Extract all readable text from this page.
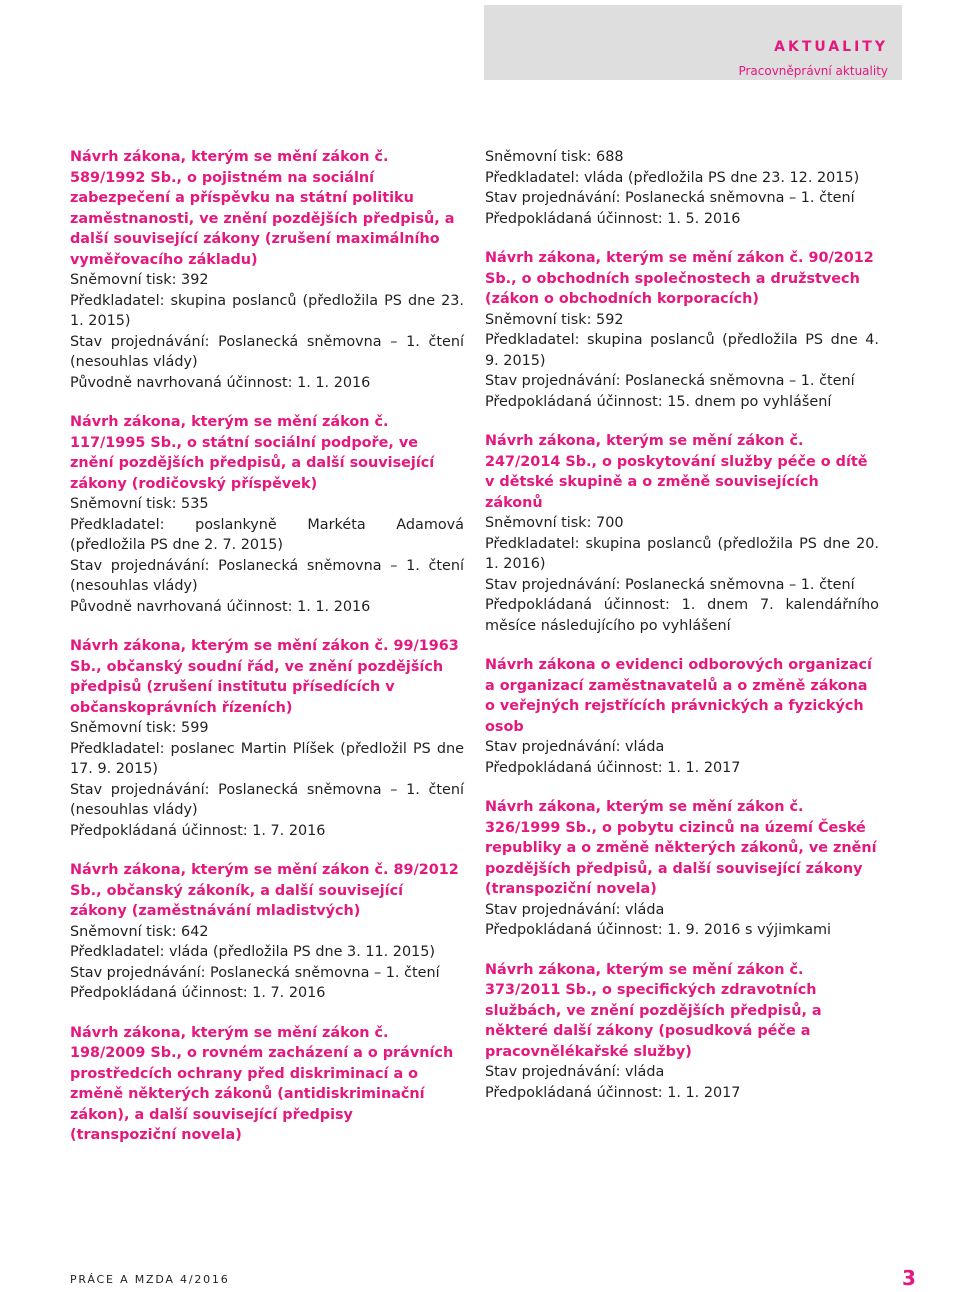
AKTUALITY
Pracovněprávní aktuality
Návrh zákona, kterým se mění zákon č. 589/1992 Sb., o pojistném na sociální zabezpečení a příspěvku na státní politiku zaměstnanosti, ve znění pozdějších předpisů, a další související zákony (zrušení maximálního vyměřovacího základu)
Sněmovní tisk: 392
Předkladatel: skupina poslanců (předložila PS dne 23. 1. 2015)
Stav projednávání: Poslanecká sněmovna – 1. čtení (nesouhlas vlády)
Původně navrhovaná účinnost: 1. 1. 2016
Návrh zákona, kterým se mění zákon č. 117/1995 Sb., o státní sociální podpoře, ve znění pozdějších předpisů, a další související zákony (rodičovský příspěvek)
Sněmovní tisk: 535
Předkladatel: poslankyně Markéta Adamová (předložila PS dne 2. 7. 2015)
Stav projednávání: Poslanecká sněmovna – 1. čtení (nesouhlas vlády)
Původně navrhovaná účinnost: 1. 1. 2016
Návrh zákona, kterým se mění zákon č. 99/1963 Sb., občanský soudní řád, ve znění pozdějších předpisů (zrušení institutu přísedících v občanskoprávních řízeních)
Sněmovní tisk: 599
Předkladatel: poslanec Martin Plíšek (předložil PS dne 17. 9. 2015)
Stav projednávání: Poslanecká sněmovna – 1. čtení (nesouhlas vlády)
Předpokládaná účinnost: 1. 7. 2016
Návrh zákona, kterým se mění zákon č. 89/2012 Sb., občanský zákoník, a další související zákony (zaměstnávání mladistvých)
Sněmovní tisk: 642
Předkladatel: vláda (předložila PS dne 3. 11. 2015)
Stav projednávání: Poslanecká sněmovna – 1. čtení
Předpokládaná účinnost: 1. 7. 2016
Návrh zákona, kterým se mění zákon č. 198/2009 Sb., o rovném zacházení a o právních prostředcích ochrany před diskriminací a o změně některých zákonů (antidiskriminační zákon), a další související předpisy (transpoziční novela)
Sněmovní tisk: 688
Předkladatel: vláda (předložila PS dne 23. 12. 2015)
Stav projednávání: Poslanecká sněmovna – 1. čtení
Předpokládaná účinnost: 1. 5. 2016
Návrh zákona, kterým se mění zákon č. 90/2012 Sb., o obchodních společnostech a družstvech (zákon o obchodních korporacích)
Sněmovní tisk: 592
Předkladatel: skupina poslanců (předložila PS dne 4. 9. 2015)
Stav projednávání: Poslanecká sněmovna – 1. čtení
Předpokládaná účinnost: 15. dnem po vyhlášení
Návrh zákona, kterým se mění zákon č. 247/2014 Sb., o poskytování služby péče o dítě v dětské skupině a o změně souvisejících zákonů
Sněmovní tisk: 700
Předkladatel: skupina poslanců (předložila PS dne 20. 1. 2016)
Stav projednávání: Poslanecká sněmovna – 1. čtení
Předpokládaná účinnost: 1. dnem 7. kalendářního měsíce následujícího po vyhlášení
Návrh zákona o evidenci odborových organizací a organizací zaměstnavatelů a o změně zákona o veřejných rejstřících právnických a fyzických osob
Stav projednávání: vláda
Předpokládaná účinnost: 1. 1. 2017
Návrh zákona, kterým se mění zákon č. 326/1999 Sb., o pobytu cizinců na území České republiky a o změně některých zákonů, ve znění pozdějších předpisů, a další související zákony (transpoziční novela)
Stav projednávání: vláda
Předpokládaná účinnost: 1. 9. 2016 s výjimkami
Návrh zákona, kterým se mění zákon č. 373/2011 Sb., o specifických zdravotních službách, ve znění pozdějších předpisů, a některé další zákony (posudková péče a pracovnělékařské služby)
Stav projednávání: vláda
Předpokládaná účinnost: 1. 1. 2017
PRÁCE A MZDA 4/2016	3
